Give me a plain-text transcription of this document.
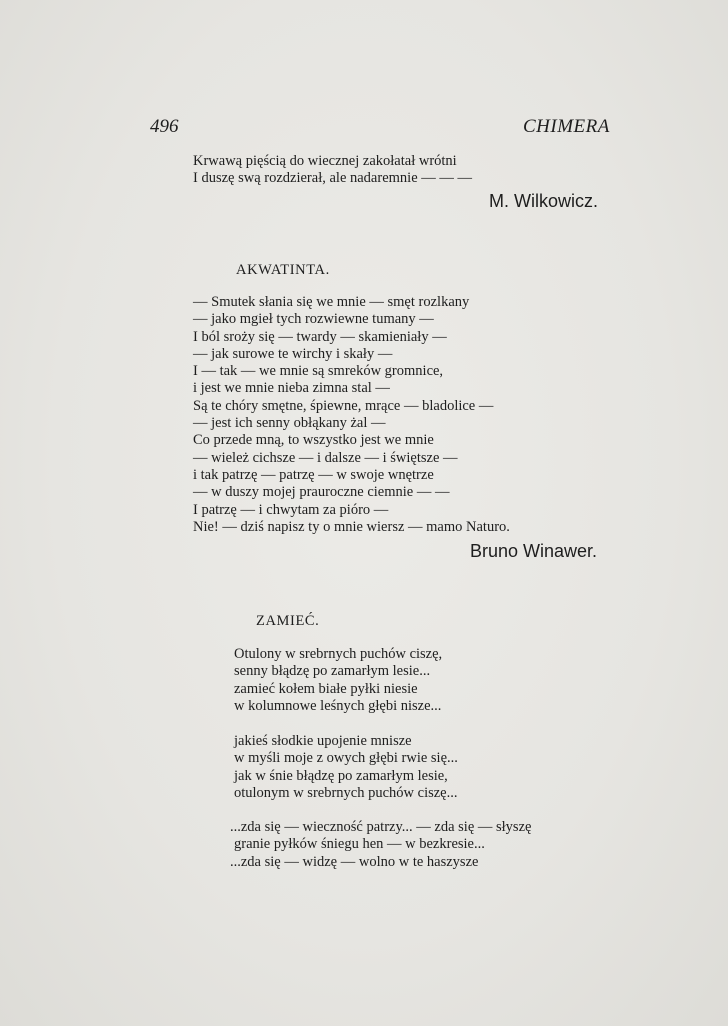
496	CHIMERA
Krwawą pięścią do wiecznej zakołatał wrótni
I duszę swą rozdzierał, ale nadaremnie — — —
M. Wilkowicz.
AKWATINTA.
— Smutek słania się we mnie — smęt rozlkany
— jako mgieł tych rozwiewne tumany —
I ból sroży się — twardy — skamieniały —
— jak surowe te wirchy i skały —
I — tak — we mnie są smreków gromnice,
i jest we mnie nieba zimna stal —
Są te chóry smętne, śpiewne, mrące — bladolice —
— jest ich senny obłąkany żal —
Co przede mną, to wszystko jest we mnie
— wieleż cichsze — i dalsze — i świętsze —
i tak patrzę — patrzę — w swoje wnętrze
— w duszy mojej prauroczne ciemnie — —
I patrzę — i chwytam za pióro —
Nie! — dziś napisz ty o mnie wiersz — mamo Naturo.
Bruno Winawer.
ZAMIEĆ.
Otulony w srebrnych puchów ciszę,
senny błądzę po zamarłym lesie...
zamieć kołem białe pyłki niesie
w kolumnowe leśnych głębi nisze...
jakieś słodkie upojenie mnisze
w myśli moje z owych głębi rwie się...
jak w śnie błądzę po zamarłym lesie,
otulonym w srebrnych puchów ciszę...
...zda się — wieczność patrzy... — zda się — słyszę
granie pyłków śniegu hen — w bezkresie...
...zda się — widzę — wolno w te haszysze
